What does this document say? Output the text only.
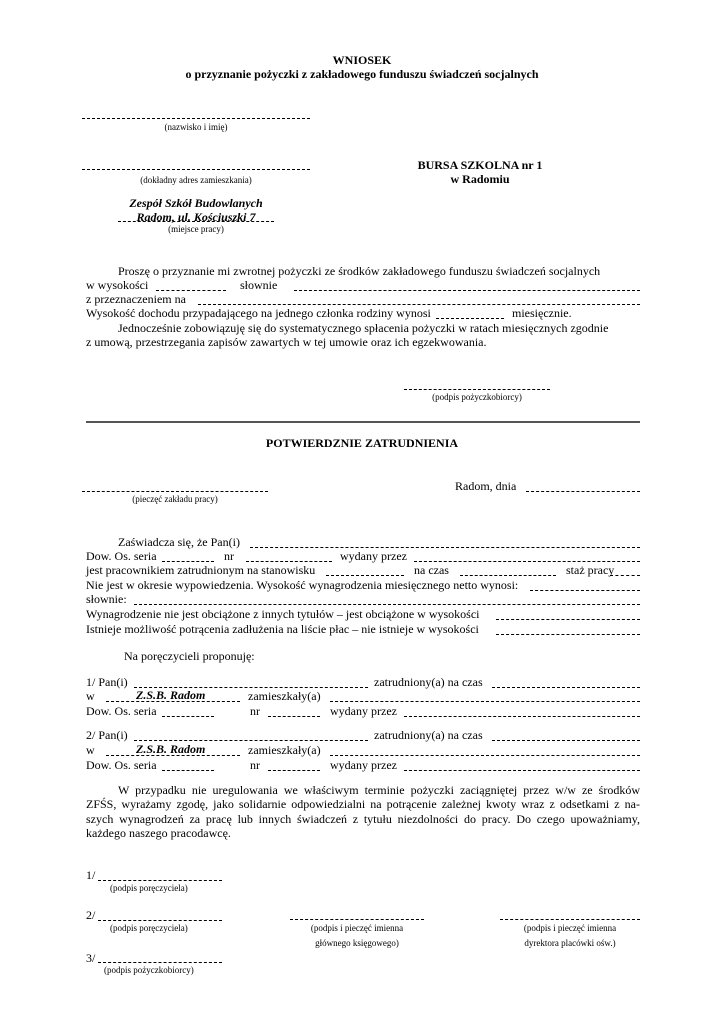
WNIOSEK
o przyznanie pożyczki z zakładowego funduszu świadczeń socjalnych
(nazwisko i imię)
(dokładny adres zamieszkania)
Zespół Szkół Budowlanych
Radom, ul. Kościuszki 7
(miejsce pracy)
BURSA SZKOLNA nr 1
w Radomiu
Proszę o przyznanie mi zwrotnej pożyczki ze środków zakładowego funduszu świadczeń socjalnych
w wysokości	słownie
z przeznaczeniem na
Wysokość dochodu przypadającego na jednego członka rodziny wynosi	miesięcznie.
Jednocześnie zobowiązuję się do systematycznego spłacenia pożyczki w ratach miesięcznych zgodnie
z umową, przestrzegania zapisów zawartych w tej umowie oraz ich egzekwowania.
(podpis pożyczkobiorcy)
POTWIERDZNIE ZATRUDNIENIA
Radom, dnia
(pieczęć zakładu pracy)
Zaświadcza się, że Pan(i)
Dow. Os. seria	nr	wydany przez
jest pracownikiem zatrudnionym na stanowisku	na czas	staż pracy
Nie jest w okresie wypowiedzenia. Wysokość wynagrodzenia miesięcznego netto wynosi:
słownie:
Wynagrodzenie nie jest obciążone z innych tytułów – jest obciążone w wysokości
Istnieje możliwość potrącenia zadłużenia na liście płac – nie istnieje w wysokości
Na poręczycieli proponuję:
1/ Pan(i)	zatrudniony(a) na czas
w	Z.S.B. Radom	zamieszkały(a)
Dow. Os. seria	nr	wydany przez
2/ Pan(i)	zatrudniony(a) na czas
w	Z.S.B. Radom	zamieszkały(a)
Dow. Os. seria	nr	wydany przez
W przypadku nie uregulowania we właściwym terminie pożyczki zaciągniętej przez w/w ze środków
ZFŚS, wyrażamy zgodę, jako solidarnie odpowiedzialni na potrącenie zależnej kwoty wraz z odsetkami z na-
szych wynagrodzeń za pracę lub innych świadczeń z tytułu niezdolności do pracy. Do czego upoważniamy,
każdego naszego pracodawcę.
1/
(podpis poręczyciela)
2/
(podpis poręczyciela)	(podpis i pieczęć imienna
głównego księgowego)
(podpis i pieczęć imienna
dyrektora placówki ośw.)
3/
(podpis pożyczkobiorcy)
